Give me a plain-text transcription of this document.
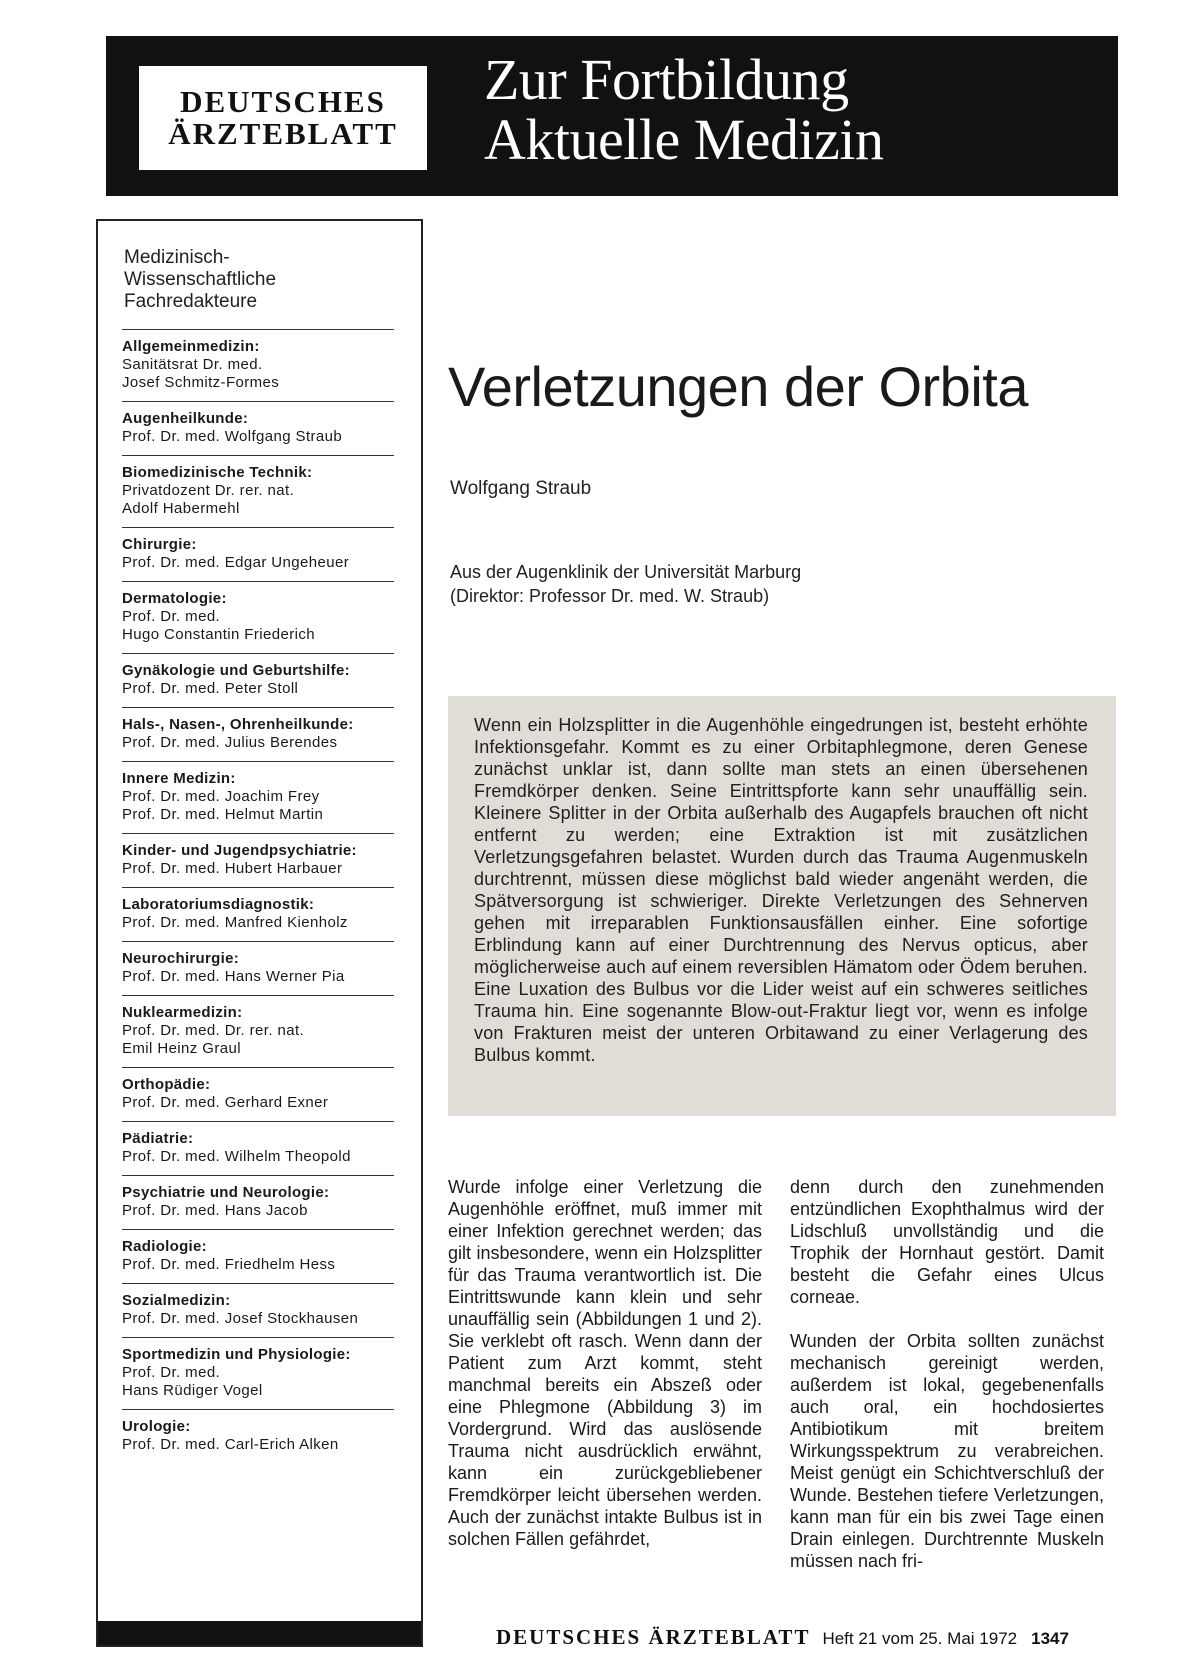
DEUTSCHES
ÄRZTEBLATT
Zur Fortbildung
Aktuelle Medizin
Medizinisch-
Wissenschaftliche
Fachredakteure
Allgemeinmedizin:
Sanitätsrat Dr. med.
Josef Schmitz-Formes
Augenheilkunde:
Prof. Dr. med. Wolfgang Straub
Biomedizinische Technik:
Privatdozent Dr. rer. nat.
Adolf Habermehl
Chirurgie:
Prof. Dr. med. Edgar Ungeheuer
Dermatologie:
Prof. Dr. med.
Hugo Constantin Friederich
Gynäkologie und Geburtshilfe:
Prof. Dr. med. Peter Stoll
Hals-, Nasen-, Ohrenheilkunde:
Prof. Dr. med. Julius Berendes
Innere Medizin:
Prof. Dr. med. Joachim Frey
Prof. Dr. med. Helmut Martin
Kinder- und Jugendpsychiatrie:
Prof. Dr. med. Hubert Harbauer
Laboratoriumsdiagnostik:
Prof. Dr. med. Manfred Kienholz
Neurochirurgie:
Prof. Dr. med. Hans Werner Pia
Nuklearmedizin:
Prof. Dr. med. Dr. rer. nat.
Emil Heinz Graul
Orthopädie:
Prof. Dr. med. Gerhard Exner
Pädiatrie:
Prof. Dr. med. Wilhelm Theopold
Psychiatrie und Neurologie:
Prof. Dr. med. Hans Jacob
Radiologie:
Prof. Dr. med. Friedhelm Hess
Sozialmedizin:
Prof. Dr. med. Josef Stockhausen
Sportmedizin und Physiologie:
Prof. Dr. med.
Hans Rüdiger Vogel
Urologie:
Prof. Dr. med. Carl-Erich Alken
Verletzungen der Orbita
Wolfgang Straub
Aus der Augenklinik der Universität Marburg
(Direktor: Professor Dr. med. W. Straub)
Wenn ein Holzsplitter in die Augenhöhle eingedrungen ist, besteht erhöhte Infektionsgefahr. Kommt es zu einer Orbitaphlegmone, deren Genese zunächst unklar ist, dann sollte man stets an einen übersehenen Fremdkörper denken. Seine Eintrittspforte kann sehr unauffällig sein. Kleinere Splitter in der Orbita außerhalb des Augapfels brauchen oft nicht entfernt zu werden; eine Extraktion ist mit zusätzlichen Verletzungsgefahren belastet. Wurden durch das Trauma Augenmuskeln durchtrennt, müssen diese möglichst bald wieder angenäht werden, die Spätversorgung ist schwieriger. Direkte Verletzungen des Sehnerven gehen mit irreparablen Funktionsausfällen einher. Eine sofortige Erblindung kann auf einer Durchtrennung des Nervus opticus, aber möglicherweise auch auf einem reversiblen Hämatom oder Ödem beruhen. Eine Luxation des Bulbus vor die Lider weist auf ein schweres seitliches Trauma hin. Eine sogenannte Blow-out-Fraktur liegt vor, wenn es infolge von Frakturen meist der unteren Orbitawand zu einer Verlagerung des Bulbus kommt.

Wurde infolge einer Verletzung die Augenhöhle eröffnet, muß immer mit einer Infektion gerechnet werden; das gilt insbesondere, wenn ein Holzsplitter für das Trauma verantwortlich ist. Die Eintrittswunde kann klein und sehr unauffällig sein (Abbildungen 1 und 2). Sie verklebt oft rasch. Wenn dann der Patient zum Arzt kommt, steht manchmal bereits ein Abszeß oder eine Phlegmone (Abbildung 3) im Vordergrund. Wird das auslösende Trauma nicht ausdrücklich erwähnt, kann ein zurückgebliebener Fremdkörper leicht übersehen werden. Auch der zunächst intakte Bulbus ist in solchen Fällen gefährdet,

denn durch den zunehmenden entzündlichen Exophthalmus wird der Lidschluß unvollständig und die Trophik der Hornhaut gestört. Damit besteht die Gefahr eines Ulcus corneae.

Wunden der Orbita sollten zunächst mechanisch gereinigt werden, außerdem ist lokal, gegebenenfalls auch oral, ein hochdosiertes Antibiotikum mit breitem Wirkungsspektrum zu verabreichen. Meist genügt ein Schichtverschluß der Wunde. Bestehen tiefere Verletzungen, kann man für ein bis zwei Tage einen Drain einlegen. Durchtrennte Muskeln müssen nach fri-

DEUTSCHES ÄRZTEBLATT Heft 21 vom 25. Mai 1972 1347
